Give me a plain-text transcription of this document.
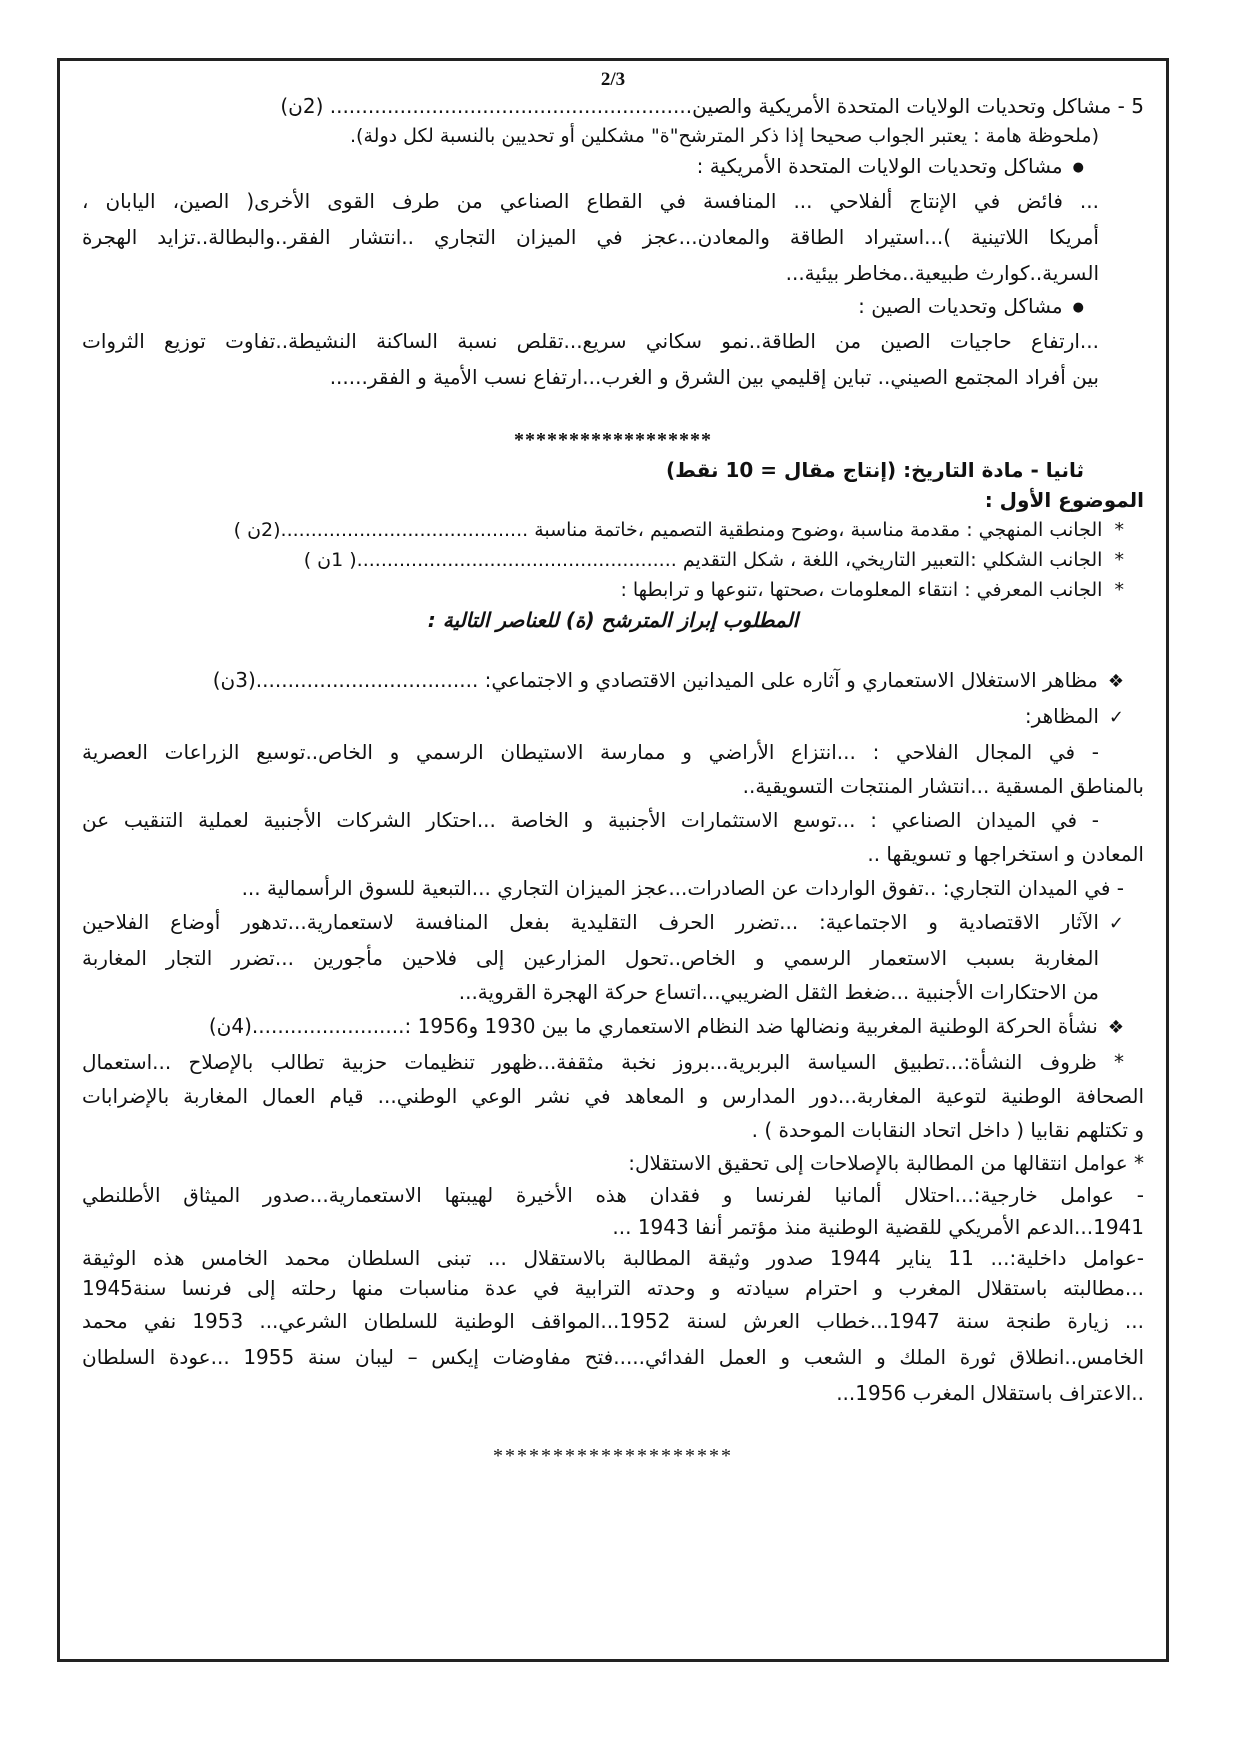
2/3
5 - مشاكل وتحديات الولايات المتحدة الأمريكية والصين......................................................... (2ن)
(ملحوظة هامة : يعتبر الجواب صحيحا إذا ذكر المترشح"ة" مشكلين أو تحديين بالنسبة لكل دولة).
● مشاكل وتحديات الولايات المتحدة الأمريكية :
... فائض في الإنتاج ألفلاحي ... المنافسة في القطاع الصناعي من طرف القوى الأخرى( الصين، اليابان ،
أمريكا اللاتينية )...استيراد الطاقة والمعادن...عجز في الميزان التجاري ..انتشار الفقر..والبطالة..تزايد الهجرة
السرية..كوارث طبيعية..مخاطر بيئية...
● مشاكل وتحديات الصين :
...ارتفاع حاجيات الصين من الطاقة..نمو سكاني سريع...تقلص نسبة الساكنة النشيطة..تفاوت توزيع الثروات
بين أفراد المجتمع الصيني.. تباين إقليمي بين الشرق و الغرب...ارتفاع نسب الأمية و الفقر......
******************
ثانيا - مادة التاريخ: (إنتاج مقال = 10 نقط)
الموضوع الأول :
*  الجانب المنهجي : مقدمة مناسبة ،وضوح ومنطقية التصميم ،خاتمة مناسبة .........................................(2ن )
*  الجانب الشكلي :التعبير التاريخي، اللغة ، شكل التقديم .....................................................( 1ن )
*  الجانب المعرفي : انتقاء المعلومات ،صحتها ،تنوعها و ترابطها :
المطلوب إبراز المترشح (ة) للعناصر التالية :
❖مظاهر الاستغلال الاستعماري و آثاره على الميدانين الاقتصادي و الاجتماعي: ...................................(3ن)
✓المظاهر:
- في المجال الفلاحي : ...انتزاع الأراضي و ممارسة الاستيطان الرسمي و الخاص..توسيع الزراعات العصرية
بالمناطق المسقية ...انتشار المنتجات التسويقية..
- في الميدان الصناعي : ...توسع الاستثمارات الأجنبية و الخاصة ...احتكار الشركات الأجنبية لعملية التنقيب عن
المعادن و استخراجها و تسويقها ..
- في الميدان التجاري: ..تفوق الواردات عن الصادرات...عجز الميزان التجاري ...التبعية للسوق الرأسمالية ...
✓الآثار الاقتصادية و الاجتماعية: ...تضرر الحرف التقليدية بفعل المنافسة لاستعمارية...تدهور أوضاع الفلاحين
المغاربة بسبب الاستعمار الرسمي و الخاص..تحول المزارعين إلى فلاحين مأجورين ...تضرر التجار المغاربة
من الاحتكارات الأجنبية ...ضغط الثقل الضريبي...اتساع حركة الهجرة القروية...
❖نشأة الحركة الوطنية المغربية ونضالها ضد النظام الاستعماري ما بين 1930 و1956 :........................(4ن)
* ظروف النشأة:...تطبيق السياسة البربرية...بروز نخبة مثقفة...ظهور تنظيمات حزبية تطالب بالإصلاح ...استعمال
الصحافة الوطنية لتوعية المغاربة...دور المدارس و المعاهد في نشر الوعي الوطني... قيام العمال المغاربة بالإضرابات
و تكتلهم نقابيا ( داخل اتحاد النقابات الموحدة ) .
* عوامل انتقالها من المطالبة بالإصلاحات إلى تحقيق الاستقلال:
- عوامل خارجية:...احتلال ألمانيا لفرنسا و فقدان هذه الأخيرة لهيبتها الاستعمارية...صدور الميثاق الأطلنطي
1941...الدعم الأمريكي للقضية الوطنية منذ مؤتمر أنفا 1943 ...
-عوامل داخلية:... 11 يناير 1944 صدور وثيقة المطالبة بالاستقلال ... تبنى السلطان محمد الخامس هذه الوثيقة
...مطالبته باستقلال المغرب و احترام سيادته و وحدته الترابية في عدة مناسبات منها رحلته إلى فرنسا سنة1945
... زيارة طنجة سنة 1947...خطاب العرش لسنة 1952...المواقف الوطنية للسلطان الشرعي... 1953 نفي محمد
الخامس..انطلاق ثورة الملك و الشعب و العمل الفدائي.....فتح مفاوضات إيكس – ليبان سنة 1955 ...عودة السلطان
..الاعتراف باستقلال المغرب 1956...
********************
